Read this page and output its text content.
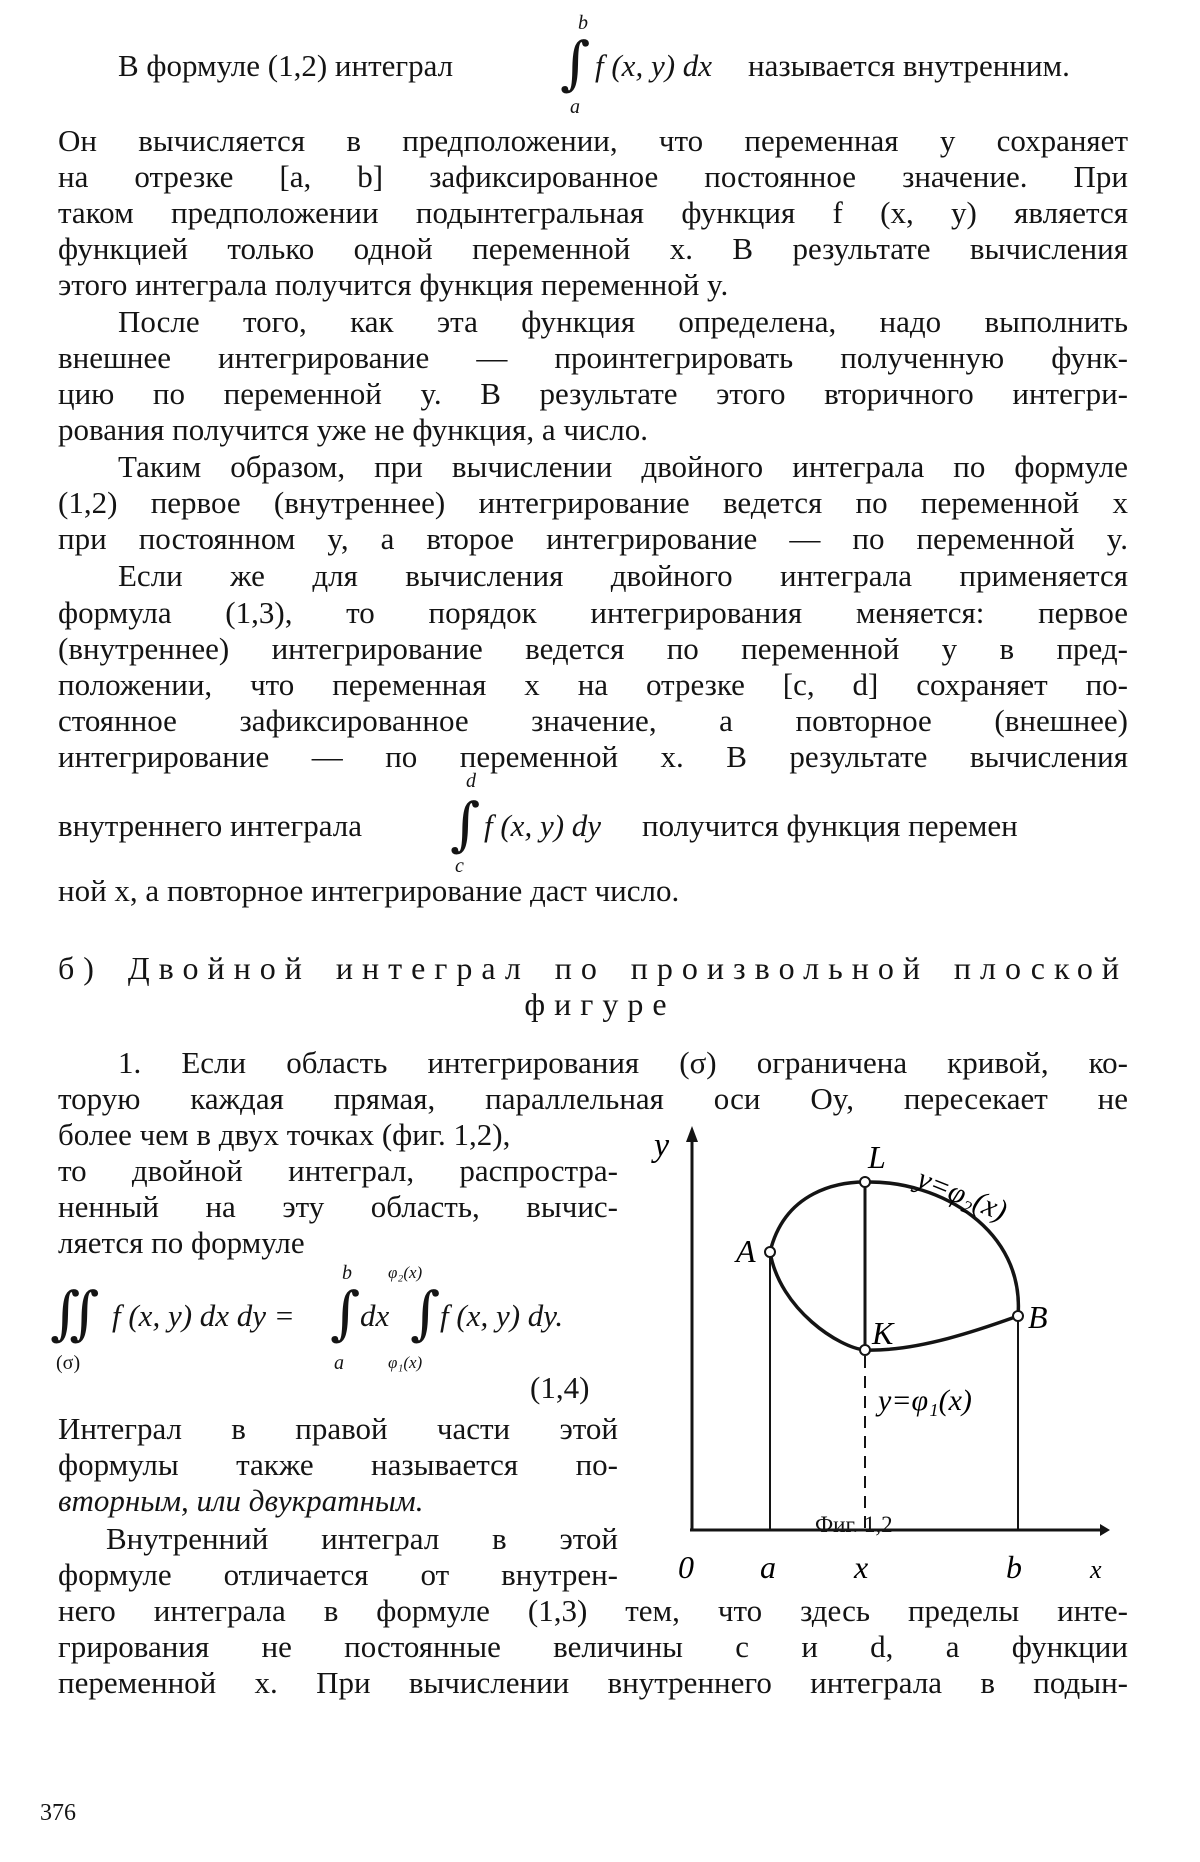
В формуле (1,2) интеграл ∫
b
a
f (x, y) dx называется внутренним.
Он вычисляется в предположении, что переменная y сохраняет
на отрезке [a, b] зафиксированное постоянное значение. При
таком предположении подынтегральная функция f (x, y) является
функцией только одной переменной x. В результате вычисления
этого интеграла получится функция переменной y.
После того, как эта функция определена, надо выполнить
внешнее интегрирование — проинтегрировать полученную функ-
цию по переменной y. В результате этого вторичного интегри-
рования получится уже не функция, а число.
Таким образом, при вычислении двойного интеграла по формуле
(1,2) первое (внутреннее) интегрирование ведется по переменной x
при постоянном y, а второе интегрирование — по переменной y.
Если же для вычисления двойного интеграла применяется
формула (1,3), то порядок интегрирования меняется: первое
(внутреннее) интегрирование ведется по переменной y в пред-
положении, что переменная x на отрезке [c, d] сохраняет по-
стоянное зафиксированное значение, а повторное (внешнее)
интегрирование — по переменной x. В результате вычисления
внутреннего интеграла ∫
d
c
f (x, y) dy получится функция перемен
ной x, а повторное интегрирование даст число.
б) Двойной интеграл по произвольной плоской
фигуре
1. Если область интегрирования (σ) ограничена кривой, ко-
торую каждая прямая, параллельная оси Oy, пересекает не
более чем в двух точках (фиг. 1,2),
то двойной интеграл, распростра-
ненный на эту область, вычис-
ляется по формуле
∬
(σ)
f (x, y) dx dy = ∫
b
a
dx ∫
φ₂(x)
φ₁(x)
f (x, y) dy.
(1,4)
Интеграл в правой части этой
формулы также называется по-
вторным, или двукратным.
Внутренний интеграл в этой
формуле отличается от внутрен-
него интеграла в формуле (1,3) тем, что здесь пределы инте-
грирования не постоянные величины c и d, а функции
переменной x. При вычислении внутреннего интеграла в подын-
y
x
0 a x	b
A
B
K
L
y=φ₂(x)
y=φ₁(x)
Фиг. 1,2
376
